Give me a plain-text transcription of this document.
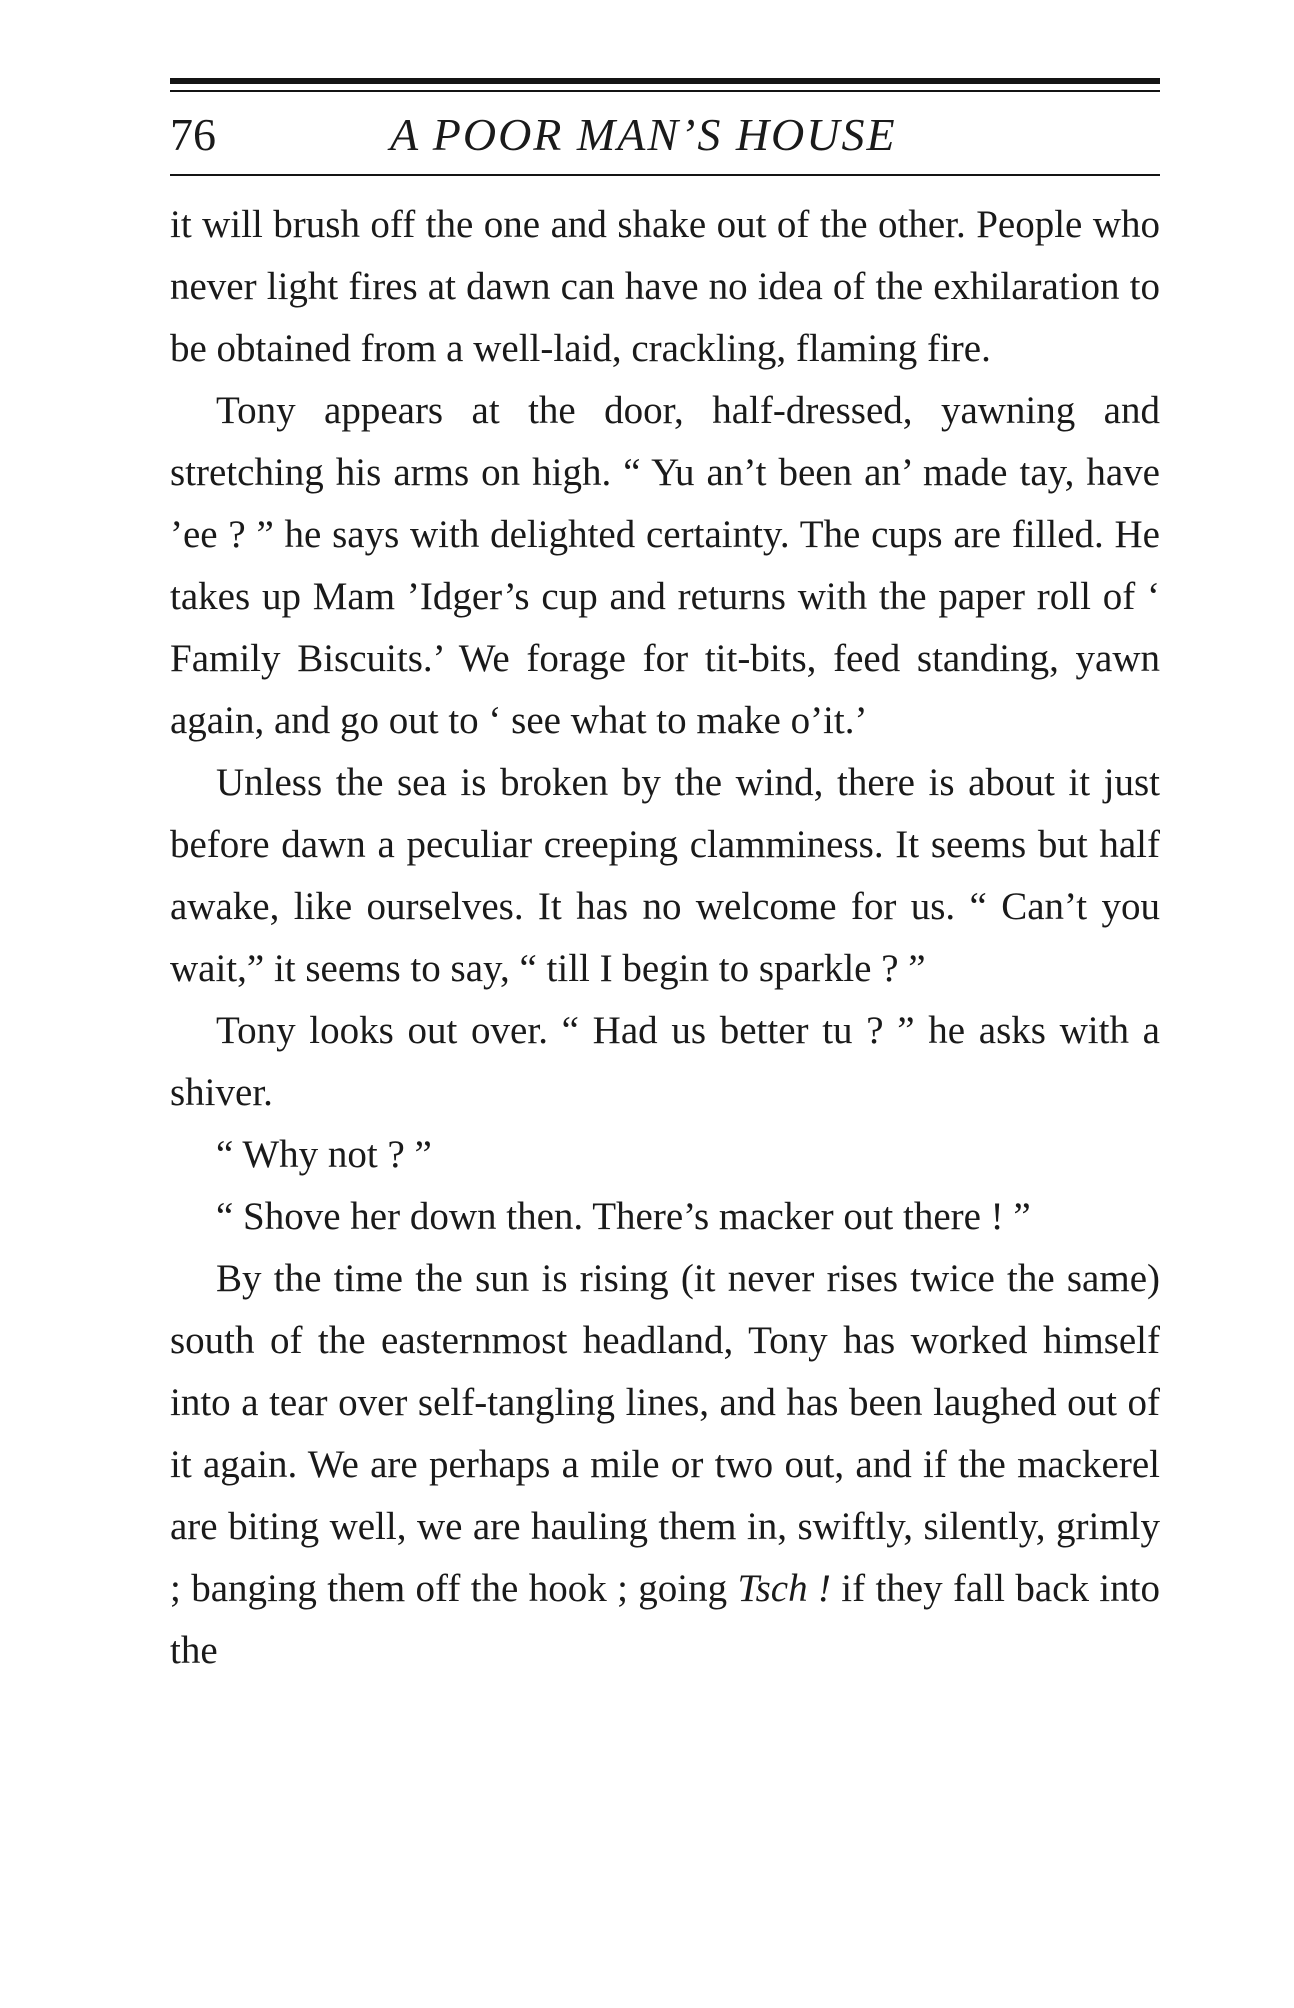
76	A POOR MAN’S HOUSE

it will brush off the one and shake out of the other. People who never light fires at dawn can have no idea of the exhilaration to be obtained from a well-laid, crackling, flaming fire.

Tony appears at the door, half-dressed, yawning and stretching his arms on high. “ Yu an’t been an’ made tay, have ’ee ? ” he says with delighted certainty. The cups are filled. He takes up Mam ’Idger’s cup and returns with the paper roll of ‘ Family Biscuits.’ We forage for tit-bits, feed standing, yawn again, and go out to ‘ see what to make o’it.’

Unless the sea is broken by the wind, there is about it just before dawn a peculiar creeping clamminess. It seems but half awake, like ourselves. It has no welcome for us. “ Can’t you wait,” it seems to say, “ till I begin to sparkle ? ”

Tony looks out over. “ Had us better tu ? ” he asks with a shiver.

“ Why not ? ”

“ Shove her down then. There’s macker out there ! ”

By the time the sun is rising (it never rises twice the same) south of the easternmost headland, Tony has worked himself into a tear over self-tangling lines, and has been laughed out of it again. We are perhaps a mile or two out, and if the mackerel are biting well, we are hauling them in, swiftly, silently, grimly ; banging them off the hook ; going Tsch ! if they fall back into the
